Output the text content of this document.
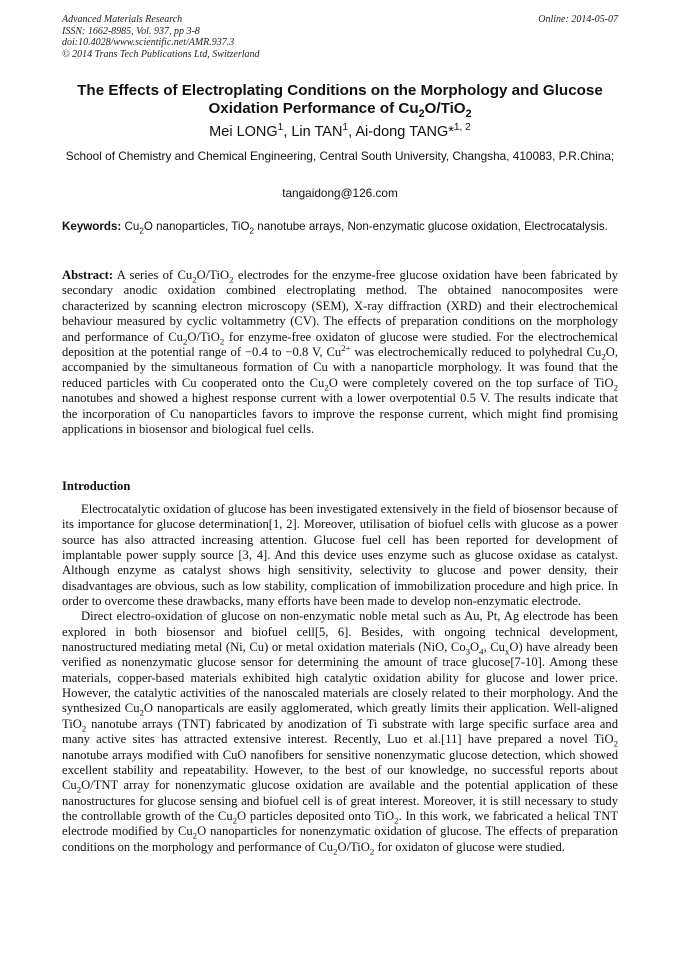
Advanced Materials Research
ISSN: 1662-8985, Vol. 937, pp 3-8
doi:10.4028/www.scientific.net/AMR.937.3
© 2014 Trans Tech Publications Ltd, Switzerland
Online: 2014-05-07
The Effects of Electroplating Conditions on the Morphology and Glucose
Oxidation Performance of $Cu_2O/TiO_2$
Mei LONG$^1$, Lin TAN$^1$, Ai-dong TANG*$^{1, 2}$
School of Chemistry and Chemical Engineering, Central South University, Changsha, 410083, P.R.China;
tangaidong@126.com
Keywords: $Cu_2O$ nanoparticles, TiO$_2$ nanotube arrays, Non-enzymatic glucose oxidation, Electrocatalysis.
Abstract: A series of $Cu_2O/TiO_2$ electrodes for the enzyme-free glucose oxidation have been fabricated by secondary anodic oxidation combined electroplating method. The obtained nanocomposites were characterized by scanning electron microscopy (SEM), X-ray diffraction (XRD) and their electrochemical behaviour measured by cyclic voltammetry (CV). The effects of preparation conditions on the morphology and performance of $Cu_2O/TiO_2$ for enzyme-free oxidaton of glucose were studied. For the electrochemical deposition at the potential range of −0.4 to −0.8 V, $Cu^{2+}$ was electrochemically reduced to polyhedral $Cu_2O$, accompanied by the simultaneous formation of Cu with a nanoparticle morphology. It was found that the reduced particles with Cu cooperated onto the $Cu_2O$ were completely covered on the top surface of TiO$_2$ nanotubes and showed a highest response current with a lower overpotential 0.5 V. The results indicate that the incorporation of Cu nanoparticles favors to improve the response current, which might find promising applications in biosensor and biological fuel cells.
Introduction

Electrocatalytic oxidation of glucose has been investigated extensively in the field of biosensor because of its importance for glucose determination[1, 2]. Moreover, utilisation of biofuel cells with glucose as a power source has also attracted increasing attention. Glucose fuel cell has been reported for development of implantable power supply source [3, 4]. And this device uses enzyme such as glucose oxidase as catalyst. Although enzyme as catalyst shows high sensitivity, selectivity to glucose and power density, their disadvantages are obvious, such as low stability, complication of immobilization procedure and high price. In order to overcome these drawbacks, many efforts have been made to develop non-enzymatic electrode.

Direct electro-oxidation of glucose on non-enzymatic noble metal such as Au, Pt, Ag electrode has been explored in both biosensor and biofuel cell[5, 6]. Besides, with ongoing technical development, nanostructured mediating metal (Ni, Cu) or metal oxidation materials (NiO, $Co_3O_4$, $Cu_xO$) have already been verified as nonenzymatic glucose sensor for determining the amount of trace glucose[7-10]. Among these materials, copper-based materials exhibited high catalytic oxidation ability for glucose and lower price. However, the catalytic activities of the nanoscaled materials are closely related to their morphology. And the synthesized $Cu_2O$ nanoparticals are easily agglomerated, which greatly limits their application. Well-aligned TiO$_2$ nanotube arrays (TNT) fabricated by anodization of Ti substrate with large specific surface area and many active sites has attracted extensive interest. Recently, Luo et al.[11] have prepared a novel TiO$_2$ nanotube arrays modified with CuO nanofibers for sensitive nonenzymatic glucose detection, which showed excellent stability and repeatability. However, to the best of our knowledge, no successful reports about $Cu_2O$/TNT array for nonenzymatic glucose oxidation are available and the potential application of these nanostructures for glucose sensing and biofuel cell is of great interest. Moreover, it is still necessary to study the controllable growth of the $Cu_2O$ particles deposited onto TiO$_2$. In this work, we fabricated a helical TNT electrode modified by $Cu_2O$ nanoparticles for nonenzymatic oxidation of glucose. The effects of preparation conditions on the morphology and performance of $Cu_2O/TiO_2$ for oxidaton of glucose were studied.
